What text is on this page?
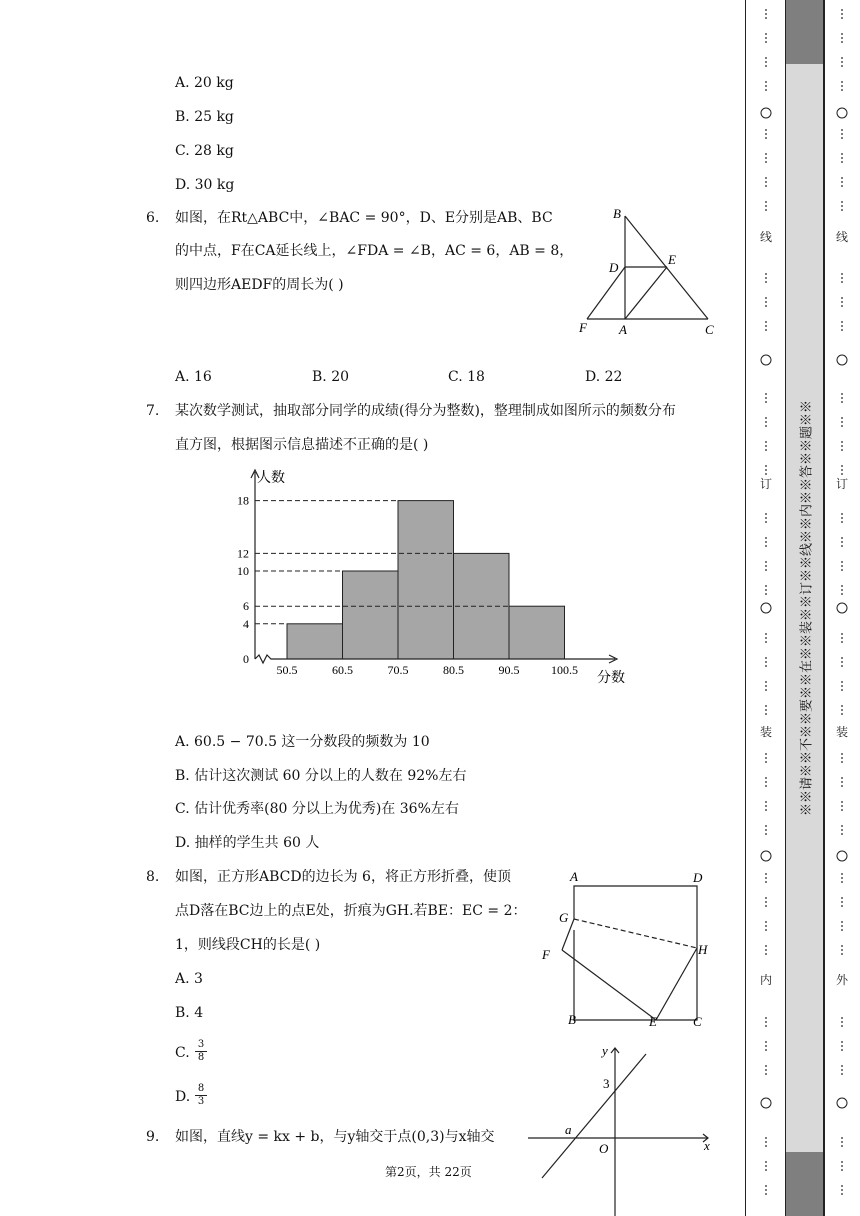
A. 20 kg
B. 25 kg
C. 28 kg
D. 30 kg
6. 如图，在Rt△ABC中，∠BAC = 90°，D、E分别是AB、BC
的中点，F在CA延长线上，∠FDA = ∠B，AC = 6，AB = 8，
则四边形AEDF的周长为( )
B
D
E
F A	C
A. 16	B. 20	C. 18	D. 22
7. 某次数学测试，抽取部分同学的成绩(得分为整数)，整理制成如图所示的频数分布
直方图，根据图示信息描述不正确的是( )
0
4
6
10
12
18
50.5	60.5	70.5	80.5	90.5	100.5
人数
分数
A. 60.5 − 70.5 这一分数段的频数为 10
B. 估计这次测试 60 分以上的人数在 92%左右
C. 估计优秀率(80 分以上为优秀)在 36%左右
D. 抽样的学生共 60 人
8. 如图，正方形ABCD的边长为 6，将正方形折叠，使顶
点D落在BC边上的点E处，折痕为GH.若BE：EC = 2：
1，则线段CH的长是( )
A. 3
B. 4
C. $\frac{3}{8}$
D. $\frac{8}{3}$
A	D
G
F	H
B	E	C
9. 如图，直线y = kx + b，与y轴交于点(0,3)与x轴交
y
x
3
a
O
第2页，共 22页
线
订
装
内
※※请※※不※※要※※在※※装※※订※※线※※内※※答※※题※※
线
订
装
外
